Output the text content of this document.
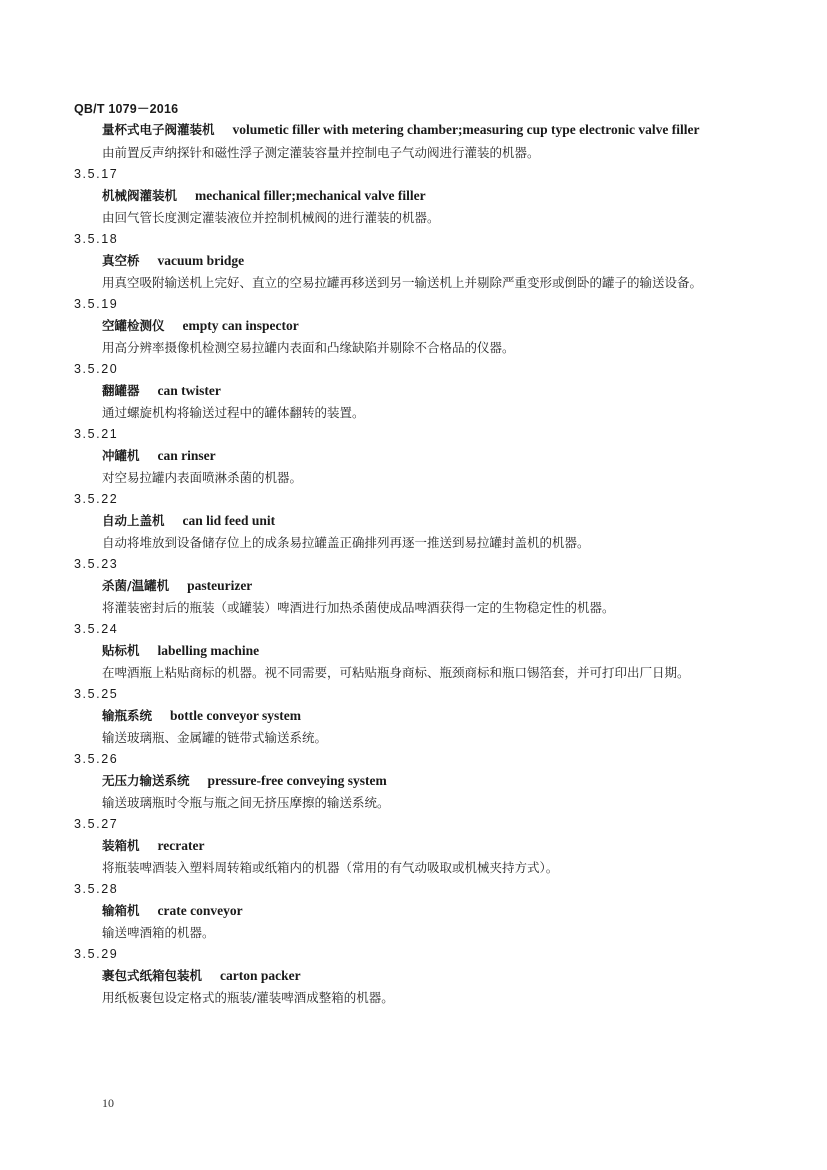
QB/T 1079－2016
量杯式电子阀灌装机 volumetic filler with metering chamber;measuring cup type electronic valve filler
由前置反声纳探针和磁性浮子测定灌装容量并控制电子气动阀进行灌装的机器。
3.5.17
机械阀灌装机 mechanical filler;mechanical valve filler
由回气管长度测定灌装液位并控制机械阀的进行灌装的机器。
3.5.18
真空桥 vacuum bridge
用真空吸附输送机上完好、直立的空易拉罐再移送到另一输送机上并剔除严重变形或倒卧的罐子的输送设备。
3.5.19
空罐检测仪 empty can inspector
用高分辨率摄像机检测空易拉罐内表面和凸缘缺陷并剔除不合格品的仪器。
3.5.20
翻罐器 can twister
通过螺旋机构将输送过程中的罐体翻转的装置。
3.5.21
冲罐机 can rinser
对空易拉罐内表面喷淋杀菌的机器。
3.5.22
自动上盖机 can lid feed unit
自动将堆放到设备储存位上的成条易拉罐盖正确排列再逐一推送到易拉罐封盖机的机器。
3.5.23
杀菌/温罐机 pasteurizer
将灌装密封后的瓶装（或罐装）啤酒进行加热杀菌使成品啤酒获得一定的生物稳定性的机器。
3.5.24
贴标机 labelling machine
在啤酒瓶上粘贴商标的机器。视不同需要，可粘贴瓶身商标、瓶颈商标和瓶口锡箔套，并可打印出厂日期。
3.5.25
输瓶系统 bottle conveyor system
输送玻璃瓶、金属罐的链带式输送系统。
3.5.26
无压力输送系统 pressure-free conveying system
输送玻璃瓶时令瓶与瓶之间无挤压摩擦的输送系统。
3.5.27
装箱机 recrater
将瓶装啤酒装入塑料周转箱或纸箱内的机器（常用的有气动吸取或机械夹持方式）。
3.5.28
输箱机 crate conveyor
输送啤酒箱的机器。
3.5.29
裹包式纸箱包装机 carton packer
用纸板裹包设定格式的瓶装/灌装啤酒成整箱的机器。
10
